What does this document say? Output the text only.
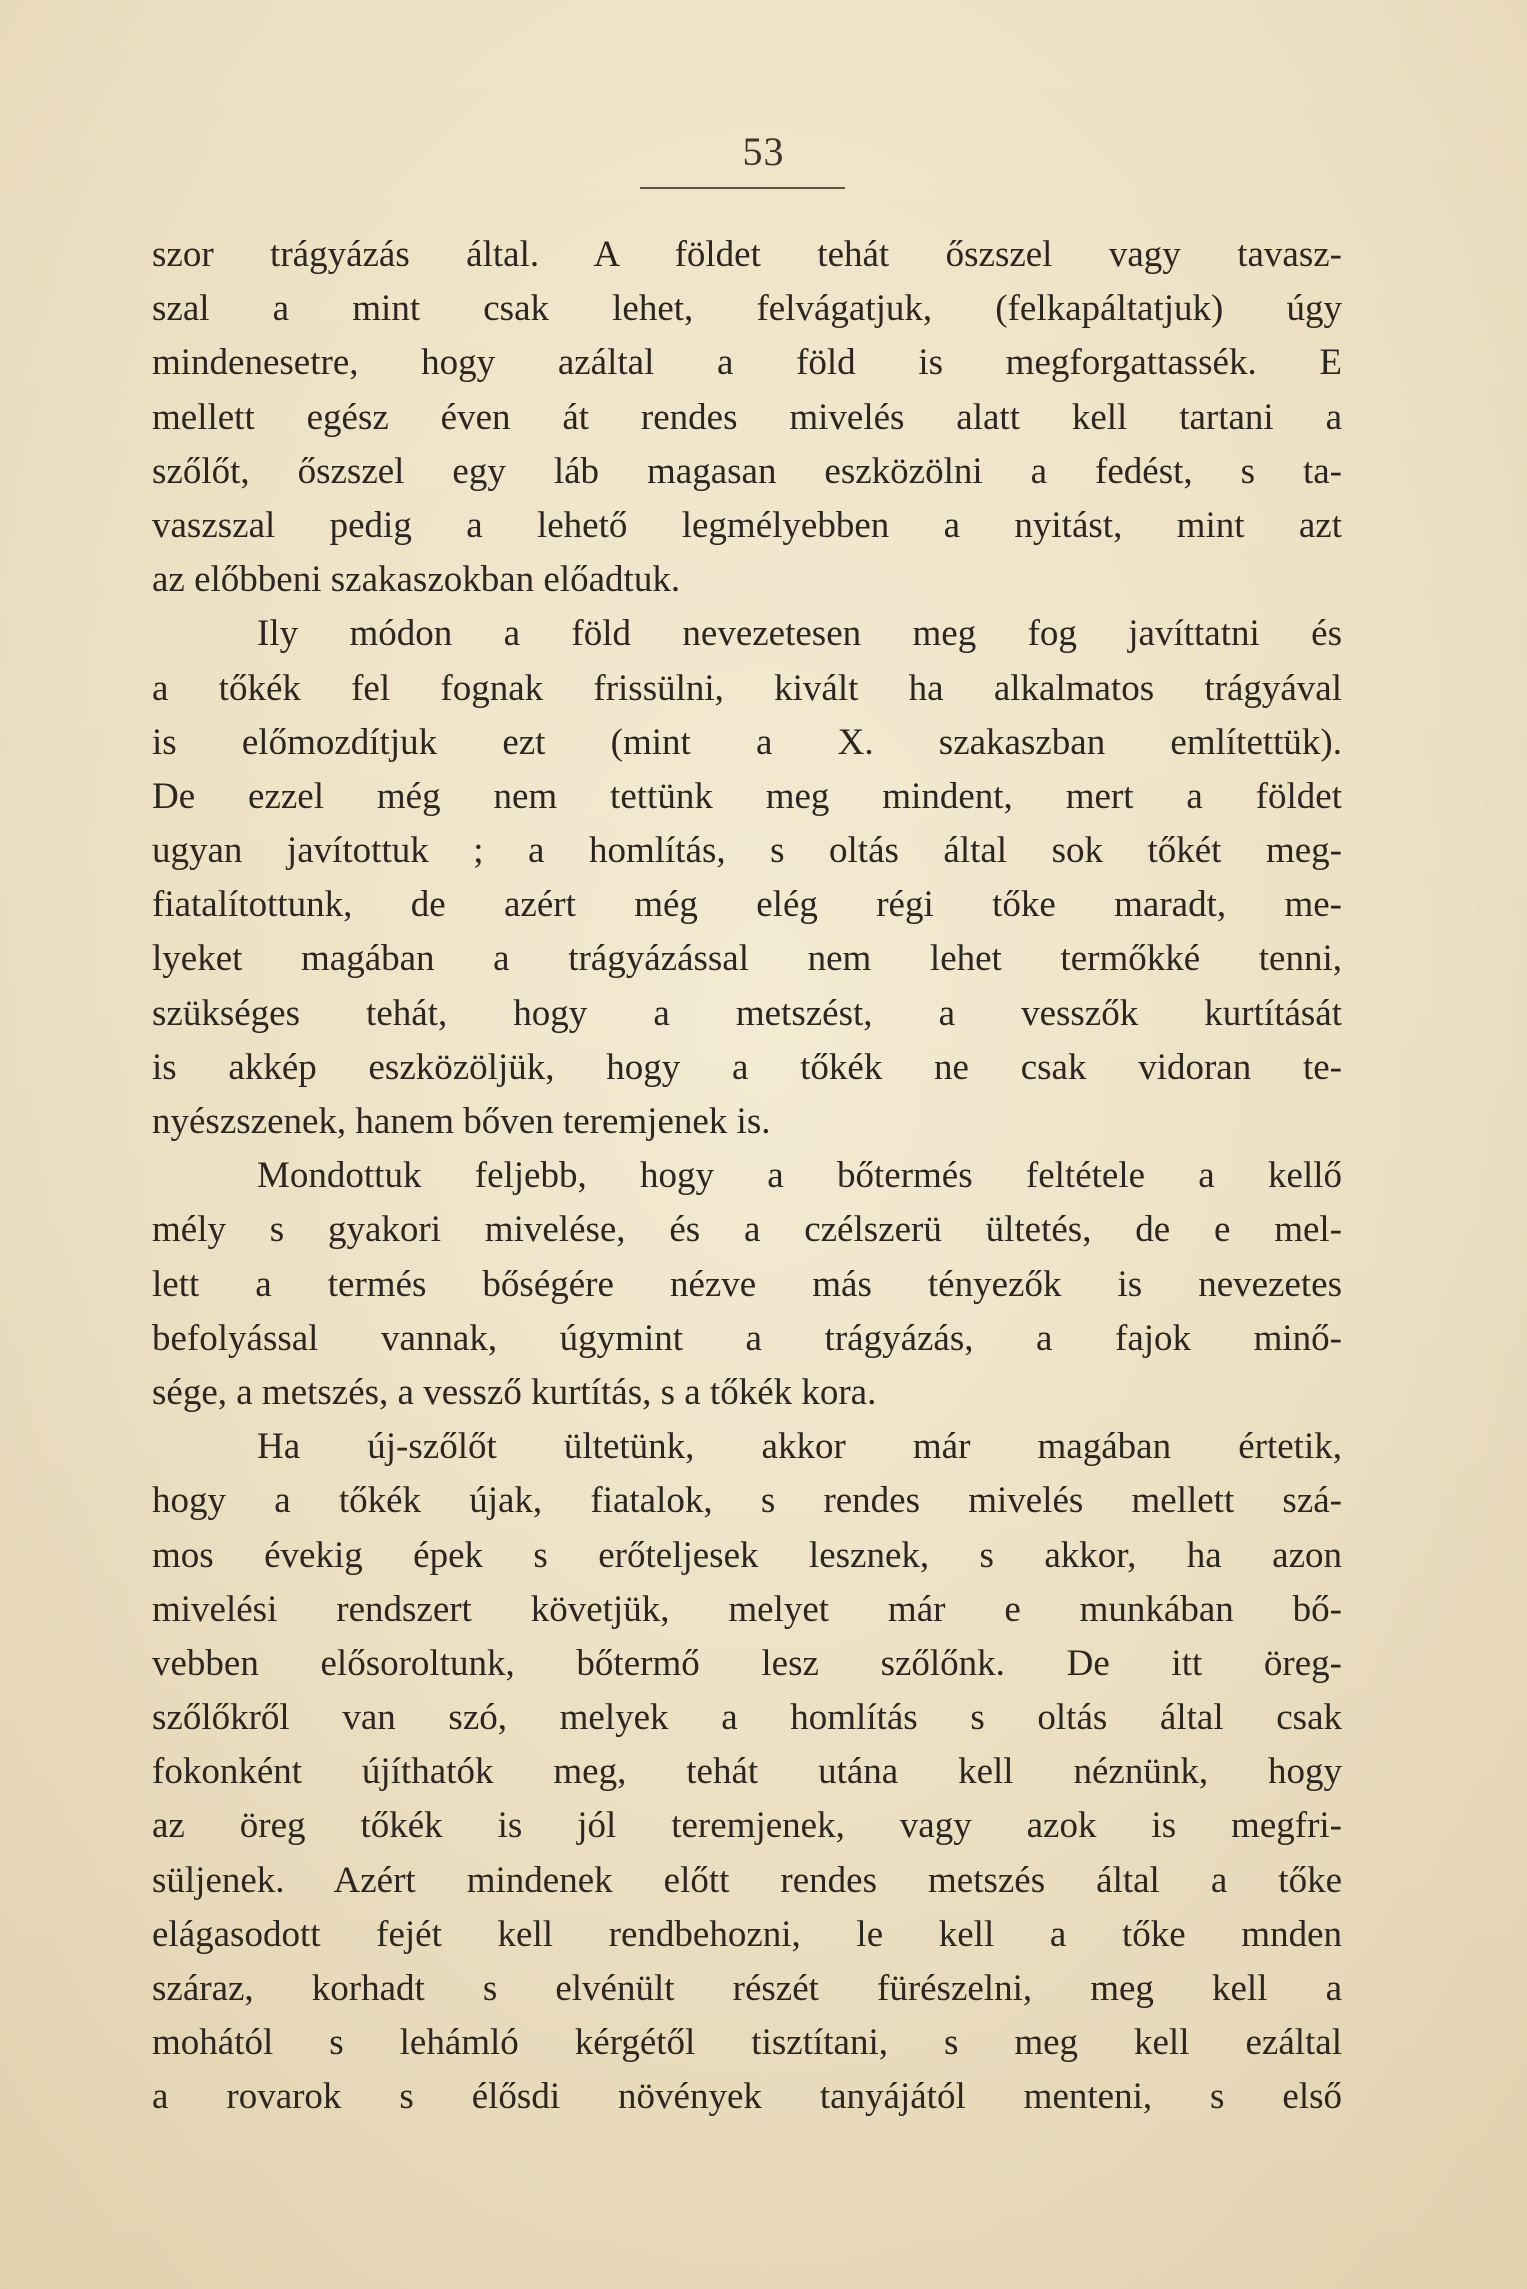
53
szor trágyázás által. A földet tehát őszszel vagy tavasz-
szal a mint csak lehet, felvágatjuk, (felkapáltatjuk) úgy
mindenesetre, hogy azáltal a föld is megforgattassék. E
mellett egész éven át rendes mivelés alatt kell tartani a
szőlőt, őszszel egy láb magasan eszközölni a fedést, s ta-
vaszszal pedig a lehető legmélyebben a nyitást, mint azt
az előbbeni szakaszokban előadtuk.
Ily módon a föld nevezetesen meg fog javíttatni és
a tőkék fel fognak frissülni, kivált ha alkalmatos trágyával
is előmozdítjuk ezt (mint a X. szakaszban említettük).
De ezzel még nem tettünk meg mindent, mert a földet
ugyan javítottuk ; a homlítás, s oltás által sok tőkét meg-
fiatalítottunk, de azért még elég régi tőke maradt, me-
lyeket magában a trágyázással nem lehet termőkké tenni,
szükséges tehát, hogy a metszést, a vesszők kurtítását
is akkép eszközöljük, hogy a tőkék ne csak vidoran te-
nyészszenek, hanem bőven teremjenek is.
Mondottuk feljebb, hogy a bőtermés feltétele a kellő
mély s gyakori mivelése, és a czélszerü ültetés, de e mel-
lett a termés bőségére nézve más tényezők is nevezetes
befolyással vannak, úgymint a trágyázás, a fajok minő-
sége, a metszés, a vessző kurtítás, s a tőkék kora.
Ha új-szőlőt ültetünk, akkor már magában értetik,
hogy a tőkék újak, fiatalok, s rendes mivelés mellett szá-
mos évekig épek s erőteljesek lesznek, s akkor, ha azon
mivelési rendszert követjük, melyet már e munkában bő-
vebben elősoroltunk, bőtermő lesz szőlőnk. De itt öreg-
szőlőkről van szó, melyek a homlítás s oltás által csak
fokonként újíthatók meg, tehát utána kell néznünk, hogy
az öreg tőkék is jól teremjenek, vagy azok is megfri-
süljenek. Azért mindenek előtt rendes metszés által a tőke
elágasodott fejét kell rendbehozni, le kell a tőke mnden
száraz, korhadt s elvénült részét fürészelni, meg kell a
mohától s lehámló kérgétől tisztítani, s meg kell ezáltal
a rovarok s élősdi növények tanyájától menteni, s első
